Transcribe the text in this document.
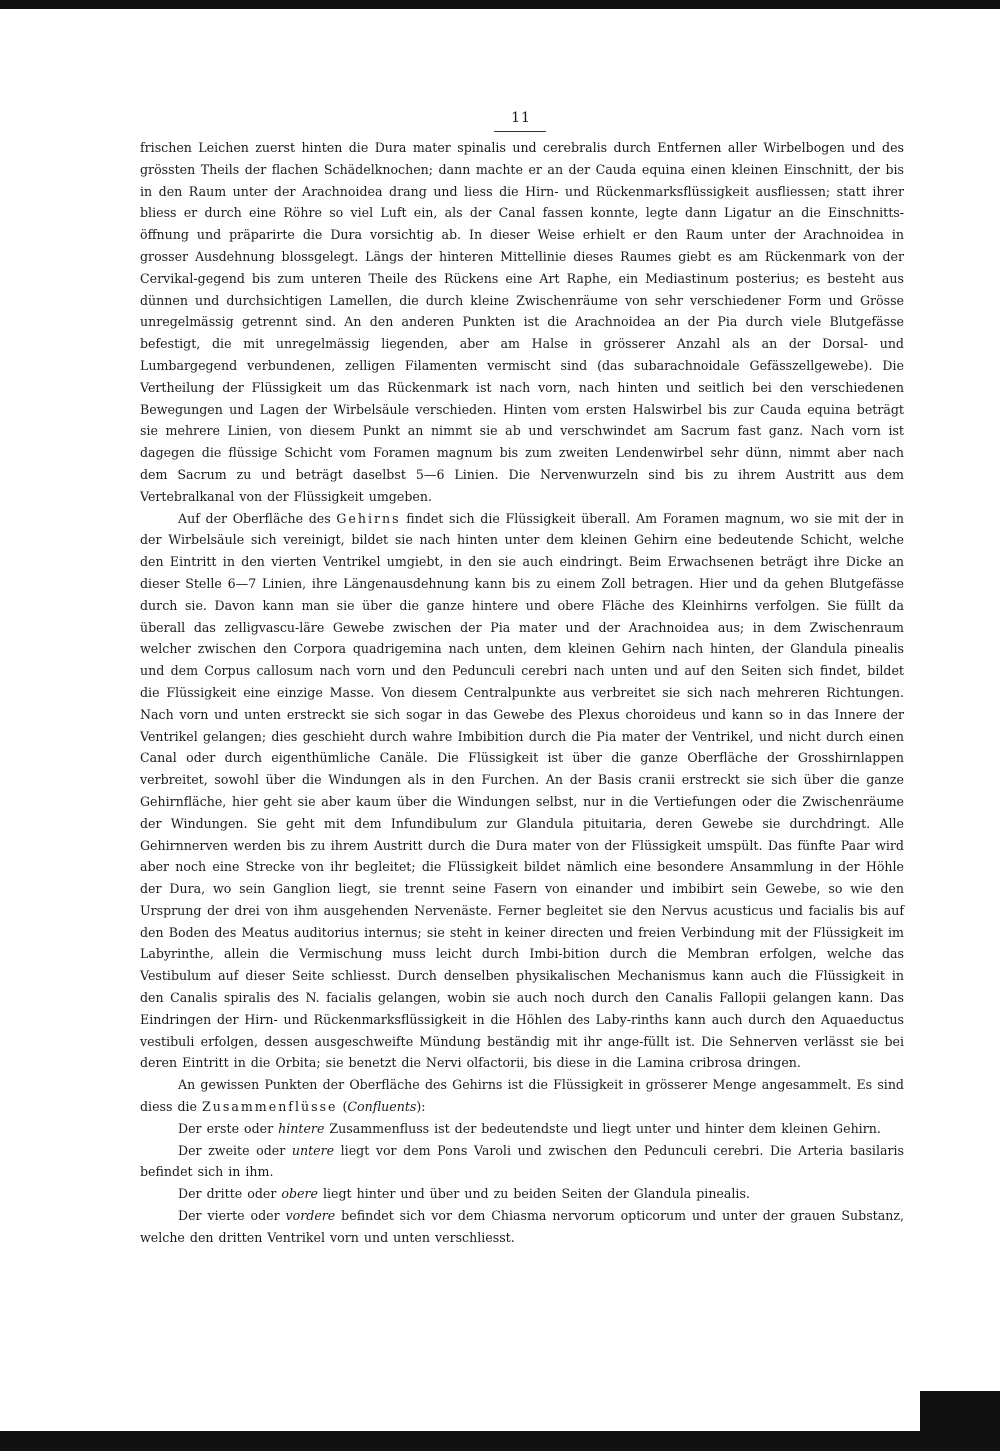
11

frischen Leichen zuerst hinten die Dura mater spinalis und cerebralis durch Entfernen aller Wirbelbogen und des grössten Theils der flachen Schädelknochen; dann machte er an der Cauda equina einen kleinen Einschnitt, der bis in den Raum unter der Arachnoidea drang und liess die Hirn- und Rückenmarksflüssigkeit ausfliessen; statt ihrer bliess er durch eine Röhre so viel Luft ein, als der Canal fassen konnte, legte dann Ligatur an die Einschnitts-öffnung und präparirte die Dura vorsichtig ab. In dieser Weise erhielt er den Raum unter der Arachnoidea in grosser Ausdehnung blossgelegt. Längs der hinteren Mittellinie dieses Raumes giebt es am Rückenmark von der Cervikal-gegend bis zum unteren Theile des Rückens eine Art Raphe, ein Mediastinum posterius; es besteht aus dünnen und durchsichtigen Lamellen, die durch kleine Zwischenräume von sehr verschiedener Form und Grösse unregelmässig getrennt sind. An den anderen Punkten ist die Arachnoidea an der Pia durch viele Blutgefässe befestigt, die mit unregelmässig liegenden, aber am Halse in grösserer Anzahl als an der Dorsal- und Lumbargegend verbundenen, zelligen Filamenten vermischt sind (das subarachnoidale Gefässzellgewebe). Die Vertheilung der Flüssigkeit um das Rückenmark ist nach vorn, nach hinten und seitlich bei den verschiedenen Bewegungen und Lagen der Wirbelsäule verschieden. Hinten vom ersten Halswirbel bis zur Cauda equina beträgt sie mehrere Linien, von diesem Punkt an nimmt sie ab und verschwindet am Sacrum fast ganz. Nach vorn ist dagegen die flüssige Schicht vom Foramen magnum bis zum zweiten Lendenwirbel sehr dünn, nimmt aber nach dem Sacrum zu und beträgt daselbst 5—6 Linien. Die Nervenwurzeln sind bis zu ihrem Austritt aus dem Vertebralkanal von der Flüssigkeit umgeben.

Auf der Oberfläche des Gehirns findet sich die Flüssigkeit überall. Am Foramen magnum, wo sie mit der in der Wirbelsäule sich vereinigt, bildet sie nach hinten unter dem kleinen Gehirn eine bedeutende Schicht, welche den Eintritt in den vierten Ventrikel umgiebt, in den sie auch eindringt. Beim Erwachsenen beträgt ihre Dicke an dieser Stelle 6—7 Linien, ihre Längenausdehnung kann bis zu einem Zoll betragen. Hier und da gehen Blutgefässe durch sie. Davon kann man sie über die ganze hintere und obere Fläche des Kleinhirns verfolgen. Sie füllt da überall das zelligvascu-läre Gewebe zwischen der Pia mater und der Arachnoidea aus; in dem Zwischenraum welcher zwischen den Corpora quadrigemina nach unten, dem kleinen Gehirn nach hinten, der Glandula pinealis und dem Corpus callosum nach vorn und den Pedunculi cerebri nach unten und auf den Seiten sich findet, bildet die Flüssigkeit eine einzige Masse. Von diesem Centralpunkte aus verbreitet sie sich nach mehreren Richtungen. Nach vorn und unten erstreckt sie sich sogar in das Gewebe des Plexus choroideus und kann so in das Innere der Ventrikel gelangen; dies geschieht durch wahre Imbibition durch die Pia mater der Ventrikel, und nicht durch einen Canal oder durch eigenthümliche Canäle. Die Flüssigkeit ist über die ganze Oberfläche der Grosshirnlappen verbreitet, sowohl über die Windungen als in den Furchen. An der Basis cranii erstreckt sie sich über die ganze Gehirnfläche, hier geht sie aber kaum über die Windungen selbst, nur in die Vertiefungen oder die Zwischenräume der Windungen. Sie geht mit dem Infundibulum zur Glandula pituitaria, deren Gewebe sie durchdringt. Alle Gehirnnerven werden bis zu ihrem Austritt durch die Dura mater von der Flüssigkeit umspült. Das fünfte Paar wird aber noch eine Strecke von ihr begleitet; die Flüssigkeit bildet nämlich eine besondere Ansammlung in der Höhle der Dura, wo sein Ganglion liegt, sie trennt seine Fasern von einander und imbibirt sein Gewebe, so wie den Ursprung der drei von ihm ausgehenden Nervenäste. Ferner begleitet sie den Nervus acusticus und facialis bis auf den Boden des Meatus auditorius internus; sie steht in keiner directen und freien Verbindung mit der Flüssigkeit im Labyrinthe, allein die Vermischung muss leicht durch Imbi-bition durch die Membran erfolgen, welche das Vestibulum auf dieser Seite schliesst. Durch denselben physikalischen Mechanismus kann auch die Flüssigkeit in den Canalis spiralis des N. facialis gelangen, wobin sie auch noch durch den Canalis Fallopii gelangen kann. Das Eindringen der Hirn- und Rückenmarksflüssigkeit in die Höhlen des Laby-rinths kann auch durch den Aquaeductus vestibuli erfolgen, dessen ausgeschweifte Mündung beständig mit ihr ange-füllt ist. Die Sehnerven verlässt sie bei deren Eintritt in die Orbita; sie benetzt die Nervi olfactorii, bis diese in die Lamina cribrosa dringen.

An gewissen Punkten der Oberfläche des Gehirns ist die Flüssigkeit in grösserer Menge angesammelt. Es sind diess die Zusammenflüsse (Confluents):

Der erste oder hintere Zusammenfluss ist der bedeutendste und liegt unter und hinter dem kleinen Gehirn.

Der zweite oder untere liegt vor dem Pons Varoli und zwischen den Pedunculi cerebri. Die Arteria basilaris befindet sich in ihm.

Der dritte oder obere liegt hinter und über und zu beiden Seiten der Glandula pinealis.

Der vierte oder vordere befindet sich vor dem Chiasma nervorum opticorum und unter der grauen Substanz, welche den dritten Ventrikel vorn und unten verschliesst.
